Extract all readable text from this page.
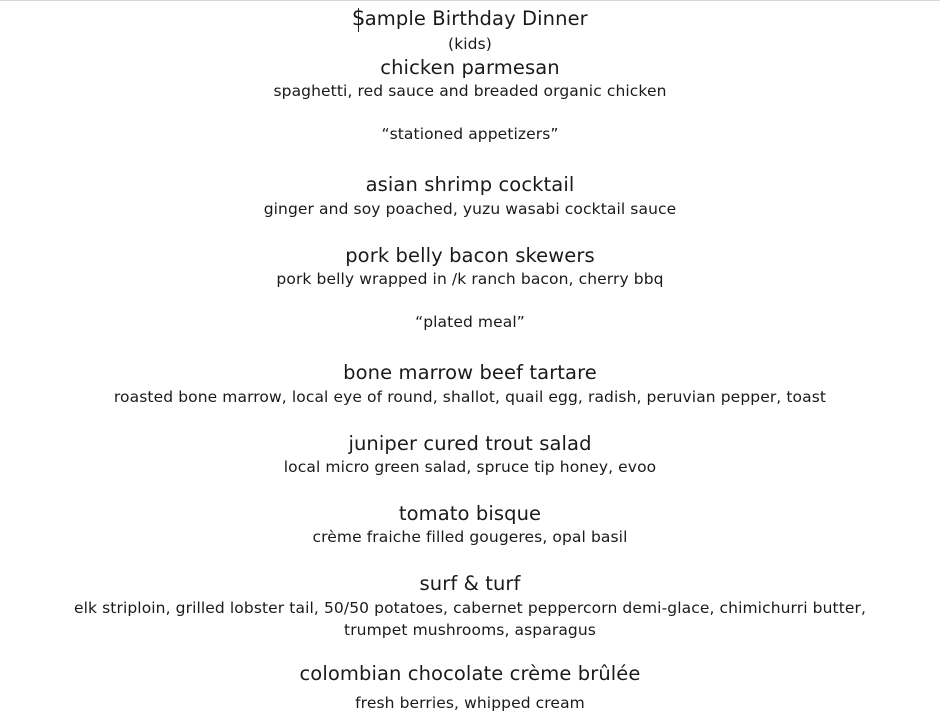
Sample Birthday Dinner
(kids)
chicken parmesan
spaghetti, red sauce and breaded organic chicken
“stationed appetizers”
asian shrimp cocktail
ginger and soy poached, yuzu wasabi cocktail sauce
pork belly bacon skewers
pork belly wrapped in /k ranch bacon, cherry bbq
“plated meal”
bone marrow beef tartare
roasted bone marrow, local eye of round, shallot, quail egg, radish, peruvian pepper, toast
juniper cured trout salad
local micro green salad, spruce tip honey, evoo
tomato bisque
crème fraiche filled gougeres, opal basil
surf & turf
elk striploin, grilled lobster tail, 50/50 potatoes, cabernet peppercorn demi-glace, chimichurri butter, trumpet mushrooms, asparagus
colombian chocolate crème brûlée
fresh berries, whipped cream
